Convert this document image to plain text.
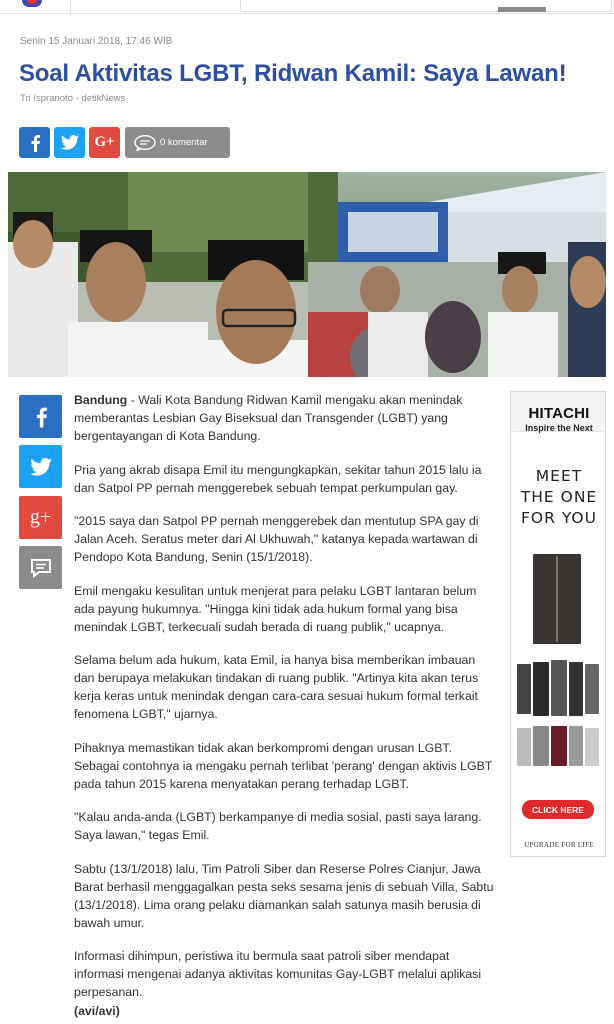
Senin 15 Januari 2018, 17:46 WIB
Soal Aktivitas LGBT, Ridwan Kamil: Saya Lawan!
Tri Ispranoto - detikNews
G+	0 komentar
g+

Bandung - Wali Kota Bandung Ridwan Kamil mengaku akan menindak memberantas Lesbian Gay Biseksual dan Transgender (LGBT) yang bergentayangan di Kota Bandung.

Pria yang akrab disapa Emil itu mengungkapkan, sekitar tahun 2015 lalu ia dan Satpol PP pernah menggerebek sebuah tempat perkumpulan gay.

"2015 saya dan Satpol PP pernah menggerebek dan mentutup SPA gay di Jalan Aceh. Seratus meter dari Al Ukhuwah," katanya kepada wartawan di Pendopo Kota Bandung, Senin (15/1/2018).

Emil mengaku kesulitan untuk menjerat para pelaku LGBT lantaran belum ada payung hukumnya. "Hingga kini tidak ada hukum formal yang bisa menindak LGBT, terkecuali sudah berada di ruang publik," ucapnya.

Selama belum ada hukum, kata Emil, ia hanya bisa memberikan imbauan dan berupaya melakukan tindakan di ruang publik. "Artinya kita akan terus kerja keras untuk menindak dengan cara-cara sesuai hukum formal terkait fenomena LGBT," ujarnya.

Pihaknya memastikan tidak akan berkompromi dengan urusan LGBT. Sebagai contohnya ia mengaku pernah terlibat 'perang' dengan aktivis LGBT pada tahun 2015 karena menyatakan perang terhadap LGBT.

"Kalau anda-anda (LGBT) berkampanye di media sosial, pasti saya larang. Saya lawan," tegas Emil.

Sabtu (13/1/2018) lalu, Tim Patroli Siber dan Reserse Polres Cianjur, Jawa Barat berhasil menggagalkan pesta seks sesama jenis di sebuah Villa, Sabtu (13/1/2018). Lima orang pelaku diamankan salah satunya masih berusia di bawah umur.

Informasi dihimpun, peristiwa itu bermula saat patroli siber mendapat informasi mengenai adanya aktivitas komunitas Gay-LGBT melalui aplikasi perpesanan.

(avi/avi)

HITACHI
Inspire the Next
MEET
THE ONE
FOR YOU
CLICK HERE
UPGRADE FOR LIFE
